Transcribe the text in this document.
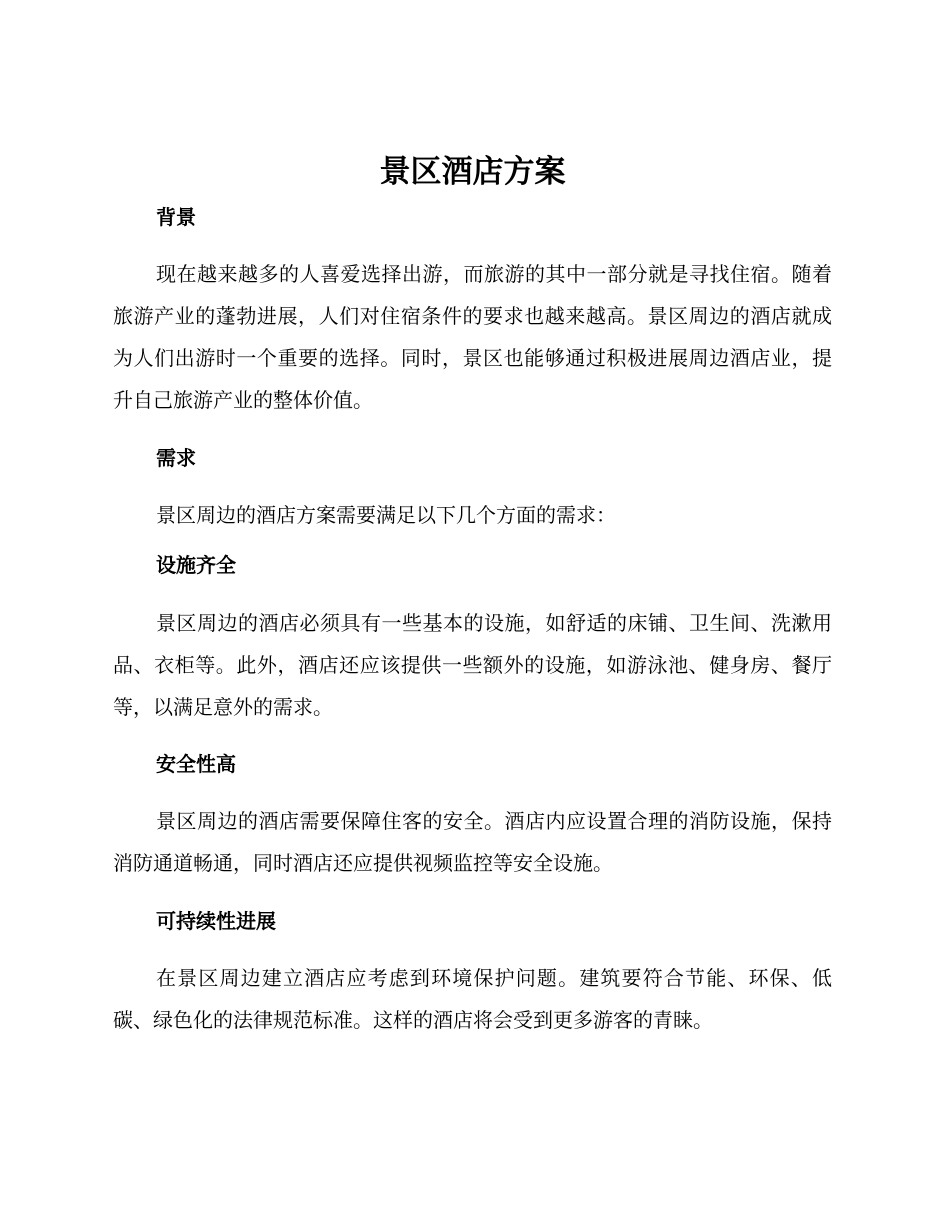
景区酒店方案
背景

现在越来越多的人喜爱选择出游，而旅游的其中一部分就是寻找住宿。随着旅游产业的蓬勃进展，人们对住宿条件的要求也越来越高。景区周边的酒店就成为人们出游时一个重要的选择。同时，景区也能够通过积极进展周边酒店业，提升自己旅游产业的整体价值。

需求

景区周边的酒店方案需要满足以下几个方面的需求：

设施齐全

景区周边的酒店必须具有一些基本的设施，如舒适的床铺、卫生间、洗漱用品、衣柜等。此外，酒店还应该提供一些额外的设施，如游泳池、健身房、餐厅等，以满足意外的需求。

安全性高

景区周边的酒店需要保障住客的安全。酒店内应设置合理的消防设施，保持消防通道畅通，同时酒店还应提供视频监控等安全设施。

可持续性进展

在景区周边建立酒店应考虑到环境保护问题。建筑要符合节能、环保、低碳、绿色化的法律规范标准。这样的酒店将会受到更多游客的青睐。
